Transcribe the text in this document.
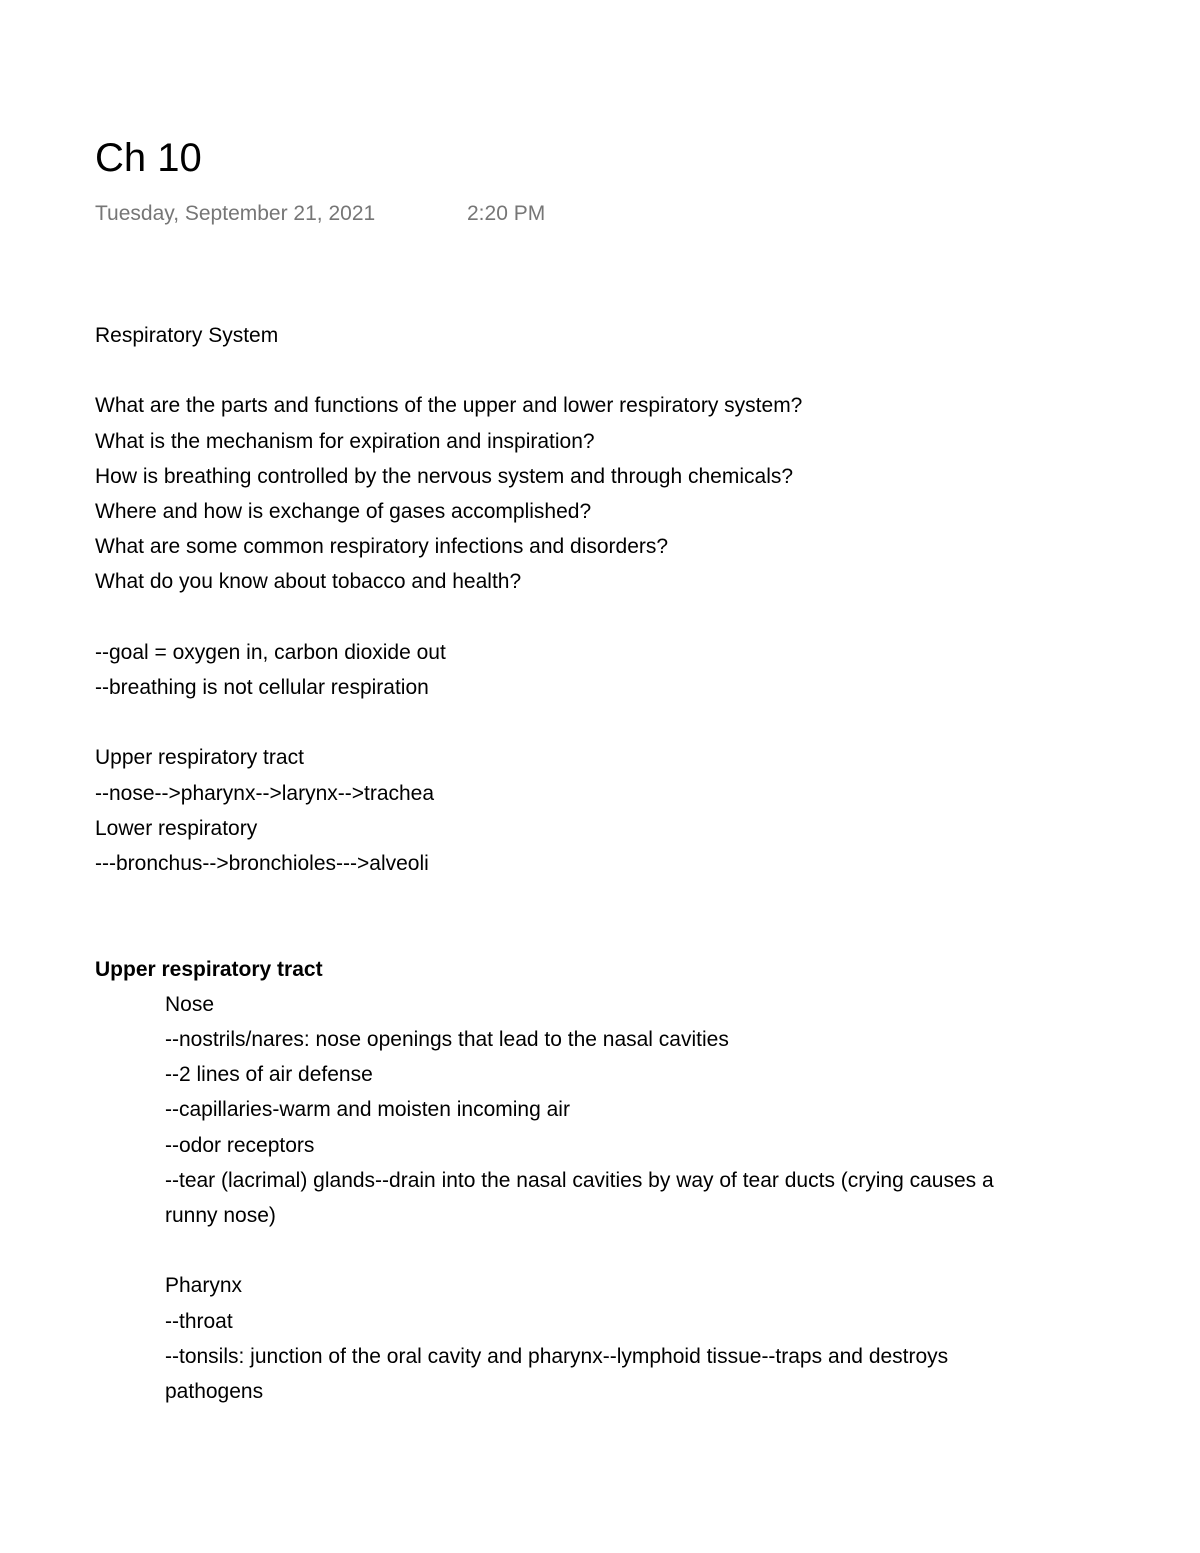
Ch 10
Tuesday, September 21, 2021	2:20 PM
Respiratory System
What are the parts and functions of the upper and lower respiratory system?
What is the mechanism for expiration and inspiration?
How is breathing controlled by the nervous system and through chemicals?
Where and how is exchange of gases accomplished?
What are some common respiratory infections and disorders?
What do you know about tobacco and health?
--goal = oxygen in, carbon dioxide out
--breathing is not cellular respiration
Upper respiratory tract
--nose-->pharynx-->larynx-->trachea
Lower respiratory
---bronchus-->bronchioles--->alveoli
Upper respiratory tract
Nose
--nostrils/nares: nose openings that lead to the nasal cavities
--2 lines of air defense
--capillaries-warm and moisten incoming air
--odor receptors
--tear (lacrimal) glands--drain into the nasal cavities by way of tear ducts (crying causes a
runny nose)
Pharynx
--throat
--tonsils: junction of the oral cavity and pharynx--lymphoid tissue--traps and destroys
pathogens
